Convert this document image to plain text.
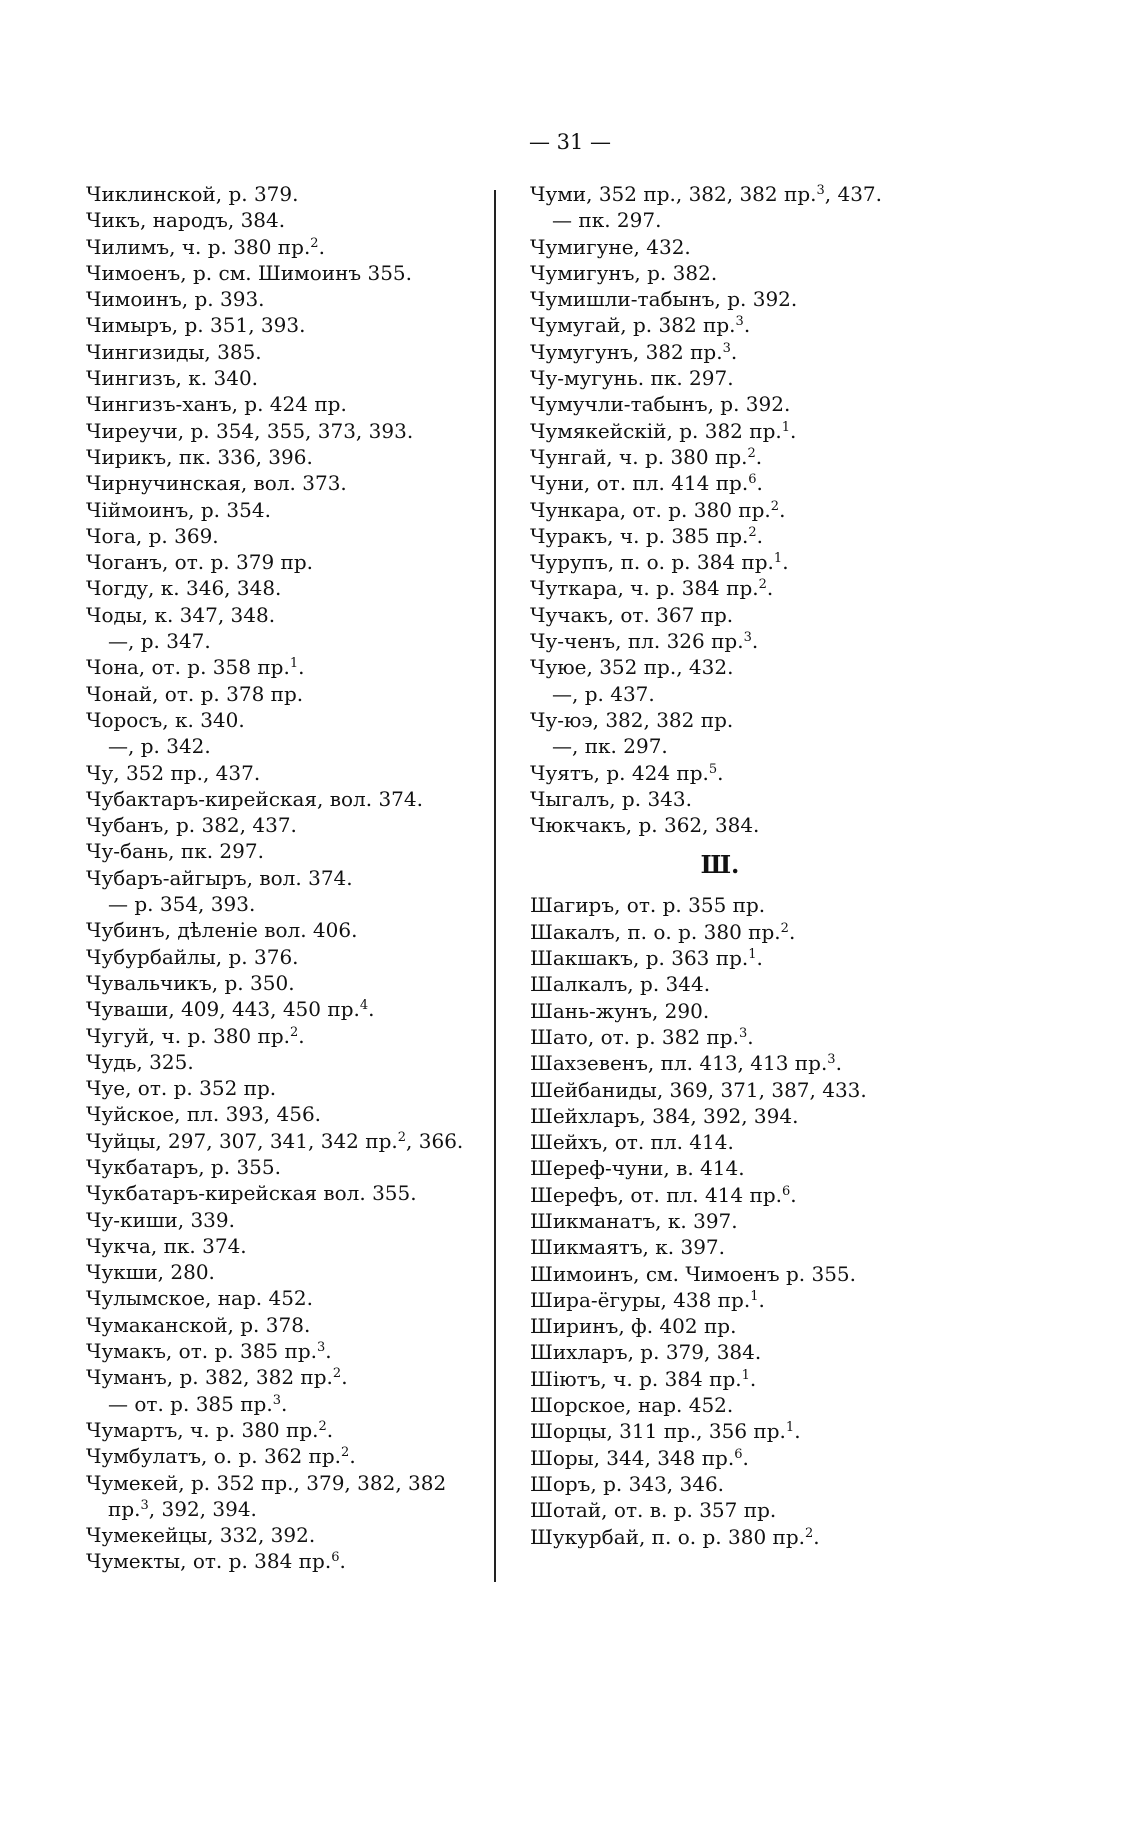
— 31 —
Чиклинской, р. 379.
Чикъ, народъ, 384.
Чилимъ, ч. р. 380 пр.$^2$.
Чимоенъ, р. см. Шимоинъ 355.
Чимоинъ, р. 393.
Чимыръ, р. 351, 393.
Чингизиды, 385.
Чингизъ, к. 340.
Чингизъ-ханъ, р. 424 пр.
Чиреучи, р. 354, 355, 373, 393.
Чирикъ, пк. 336, 396.
Чирнучинская, вол. 373.
Чіймоинъ, р. 354.
Чога, р. 369.
Чоганъ, от. р. 379 пр.
Чогду, к. 346, 348.
Чоды, к. 347, 348.
—, р. 347.
Чона, от. р. 358 пр.$^1$.
Чонай, от. р. 378 пр.
Чоросъ, к. 340.
—, р. 342.
Чу, 352 пр., 437.
Чубактаръ-кирейская, вол. 374.
Чубанъ, р. 382, 437.
Чу-бань, пк. 297.
Чубаръ-айгыръ, вол. 374.
— р. 354, 393.
Чубинъ, дѣленіе вол. 406.
Чубурбайлы, р. 376.
Чувальчикъ, р. 350.
Чуваши, 409, 443, 450 пр.$^4$.
Чугуй, ч. р. 380 пр.$^2$.
Чудь, 325.
Чуе, от. р. 352 пр.
Чуйское, пл. 393, 456.
Чуйцы, 297, 307, 341, 342 пр.$^2$, 366.
Чукбатаръ, р. 355.
Чукбатаръ-кирейская вол. 355.
Чу-киши, 339.
Чукча, пк. 374.
Чукши, 280.
Чулымское, нар. 452.
Чумаканской, р. 378.
Чумакъ, от. р. 385 пр.$^3$.
Чуманъ, р. 382, 382 пр.$^2$.
— от. р. 385 пр.$^3$.
Чумартъ, ч. р. 380 пр.$^2$.
Чумбулатъ, о. р. 362 пр.$^2$.
Чумекей, р. 352 пр., 379, 382, 382
пр.$^3$, 392, 394.
Чумекейцы, 332, 392.
Чумекты, от. р. 384 пр.$^6$.
Чуми, 352 пр., 382, 382 пр.$^3$, 437.
— пк. 297.
Чумигуне, 432.
Чумигунъ, р. 382.
Чумишли-табынъ, р. 392.
Чумугай, р. 382 пр.$^3$.
Чумугунъ, 382 пр.$^3$.
Чу-мугунь. пк. 297.
Чумучли-табынъ, р. 392.
Чумякейскій, р. 382 пр.$^1$.
Чунгай, ч. р. 380 пр.$^2$.
Чуни, от. пл. 414 пр.$^6$.
Чункара, от. р. 380 пр.$^2$.
Чуракъ, ч. р. 385 пр.$^2$.
Чурупъ, п. о. р. 384 пр.$^1$.
Чуткара, ч. р. 384 пр.$^2$.
Чучакъ, от. 367 пр.
Чу-ченъ, пл. 326 пр.$^3$.
Чуюе, 352 пр., 432.
—, р. 437.
Чу-юэ, 382, 382 пр.
—, пк. 297.
Чуятъ, р. 424 пр.$^5$.
Чыгалъ, р. 343.
Чюкчакъ, р. 362, 384.
Ш.
Шагиръ, от. р. 355 пр.
Шакалъ, п. о. р. 380 пр.$^2$.
Шакшакъ, р. 363 пр.$^1$.
Шалкалъ, р. 344.
Шань-жунъ, 290.
Шато, от. р. 382 пр.$^3$.
Шахзевенъ, пл. 413, 413 пр.$^3$.
Шейбаниды, 369, 371, 387, 433.
Шейхларъ, 384, 392, 394.
Шейхъ, от. пл. 414.
Шереф-чуни, в. 414.
Шерефъ, от. пл. 414 пр.$^6$.
Шикманатъ, к. 397.
Шикмаятъ, к. 397.
Шимоинъ, см. Чимоенъ р. 355.
Шира-ёгуры, 438 пр.$^1$.
Ширинъ, ф. 402 пр.
Шихларъ, р. 379, 384.
Шіютъ, ч. р. 384 пр.$^1$.
Шорское, нар. 452.
Шорцы, 311 пр., 356 пр.$^1$.
Шоры, 344, 348 пр.$^6$.
Шоръ, р. 343, 346.
Шотай, от. в. р. 357 пр.
Шукурбай, п. о. р. 380 пр.$^2$.
